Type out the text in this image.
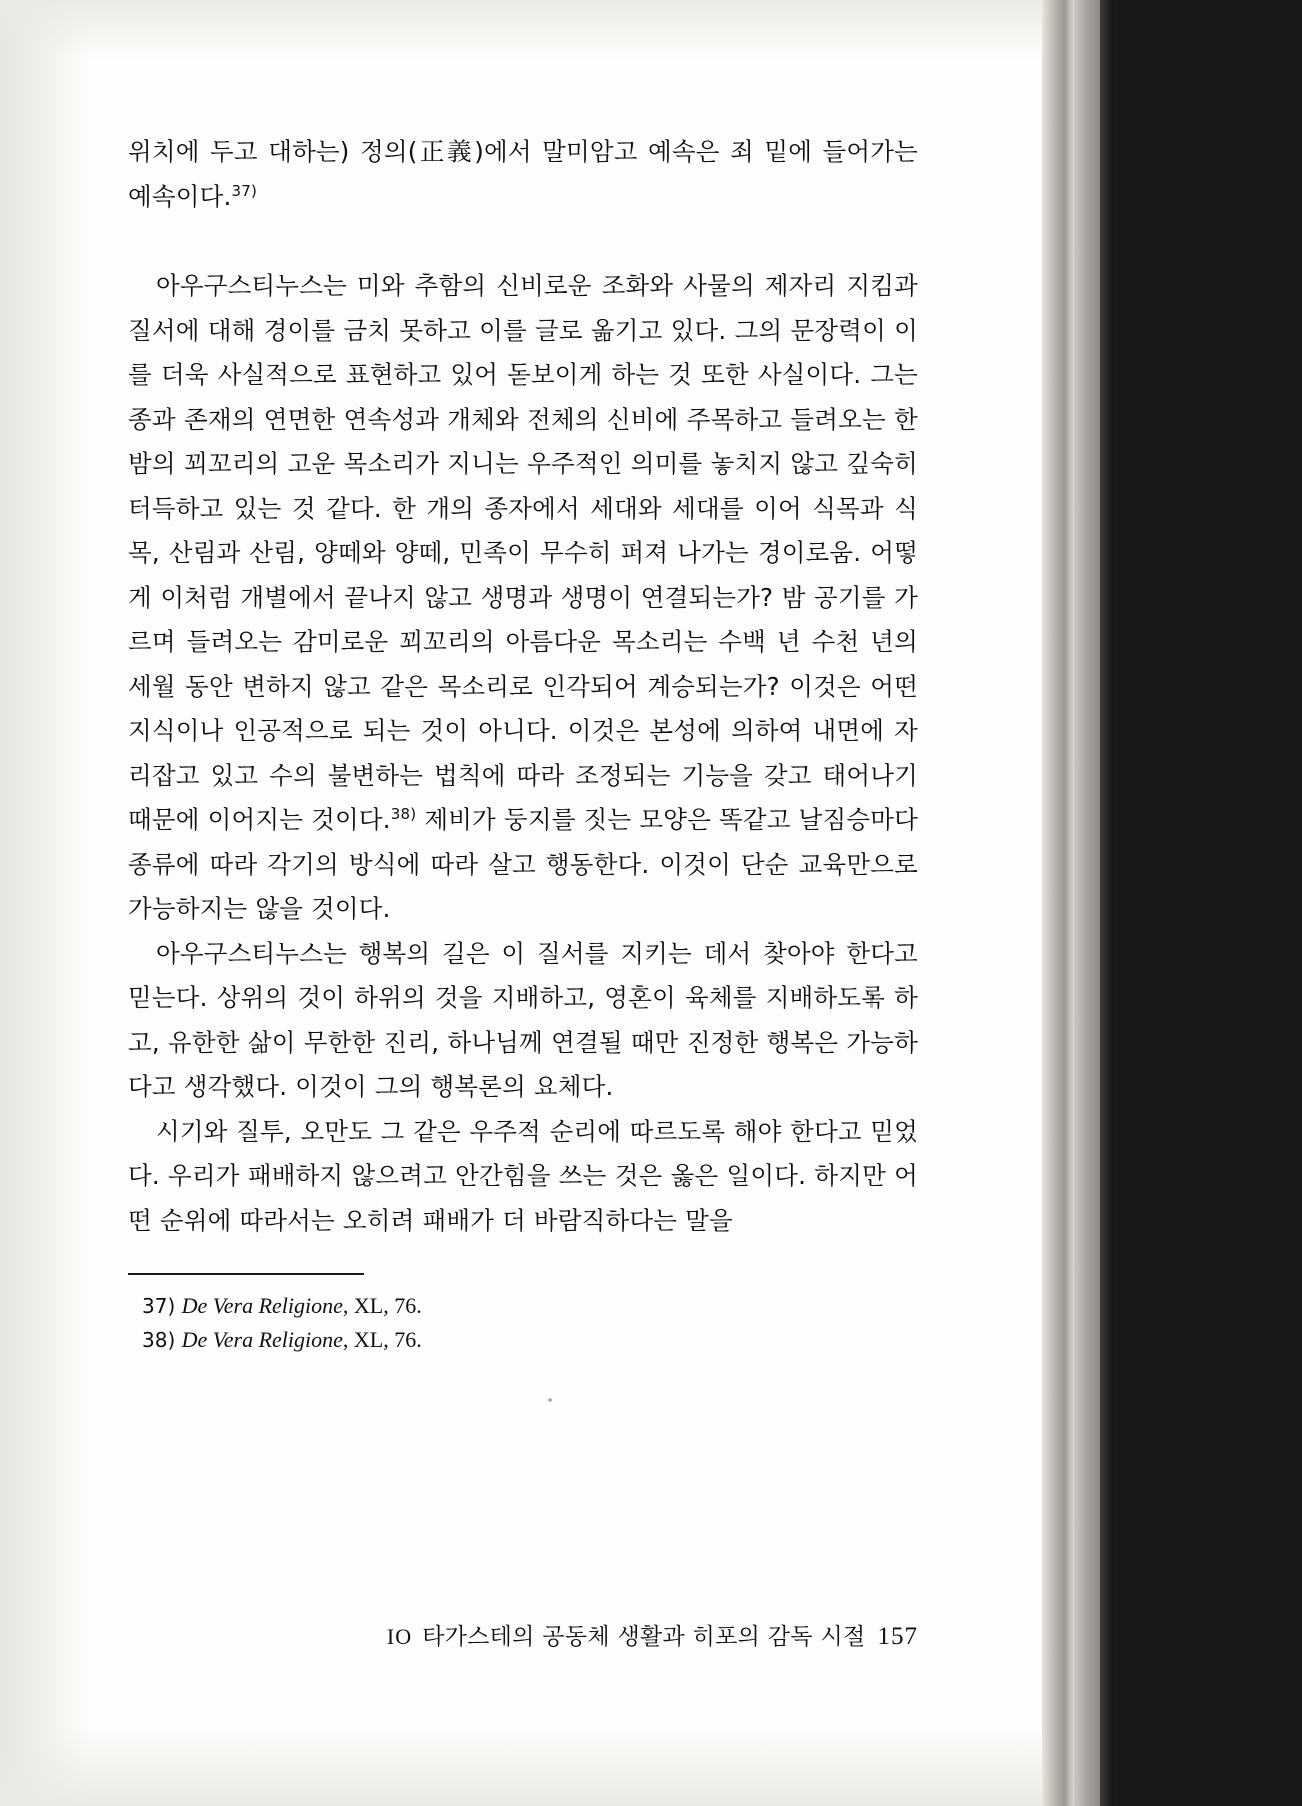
위치에 두고 대하는) 정의(正義)에서 말미암고 예속은 죄 밑에 들어가는 예속이다.$^{37)}$

아우구스티누스는 미와 추함의 신비로운 조화와 사물의 제자리 지킴과 질서에 대해 경이를 금치 못하고 이를 글로 옮기고 있다. 그의 문장력이 이를 더욱 사실적으로 표현하고 있어 돋보이게 하는 것 또한 사실이다. 그는 종과 존재의 연면한 연속성과 개체와 전체의 신비에 주목하고 들려오는 한밤의 꾀꼬리의 고운 목소리가 지니는 우주적인 의미를 놓치지 않고 깊숙히 터득하고 있는 것 같다. 한 개의 종자에서 세대와 세대를 이어 식목과 식목, 산림과 산림, 양떼와 양떼, 민족이 무수히 퍼져 나가는 경이로움. 어떻게 이처럼 개별에서 끝나지 않고 생명과 생명이 연결되는가? 밤 공기를 가르며 들려오는 감미로운 꾀꼬리의 아름다운 목소리는 수백 년 수천 년의 세월 동안 변하지 않고 같은 목소리로 인각되어 계승되는가? 이것은 어떤 지식이나 인공적으로 되는 것이 아니다. 이것은 본성에 의하여 내면에 자리잡고 있고 수의 불변하는 법칙에 따라 조정되는 기능을 갖고 태어나기 때문에 이어지는 것이다.$^{38)}$ 제비가 둥지를 짓는 모양은 똑같고 날짐승마다 종류에 따라 각기의 방식에 따라 살고 행동한다. 이것이 단순 교육만으로 가능하지는 않을 것이다.

아우구스티누스는 행복의 길은 이 질서를 지키는 데서 찾아야 한다고 믿는다. 상위의 것이 하위의 것을 지배하고, 영혼이 육체를 지배하도록 하고, 유한한 삶이 무한한 진리, 하나님께 연결될 때만 진정한 행복은 가능하다고 생각했다. 이것이 그의 행복론의 요체다.

시기와 질투, 오만도 그 같은 우주적 순리에 따르도록 해야 한다고 믿었다. 우리가 패배하지 않으려고 안간힘을 쓰는 것은 옳은 일이다. 하지만 어떤 순위에 따라서는 오히려 패배가 더 바람직하다는 말을

37) De Vera Religione, XL, 76.
38) De Vera Religione, XL, 76.
IO 타가스테의 공동체 생활과 히포의 감독 시절 157
